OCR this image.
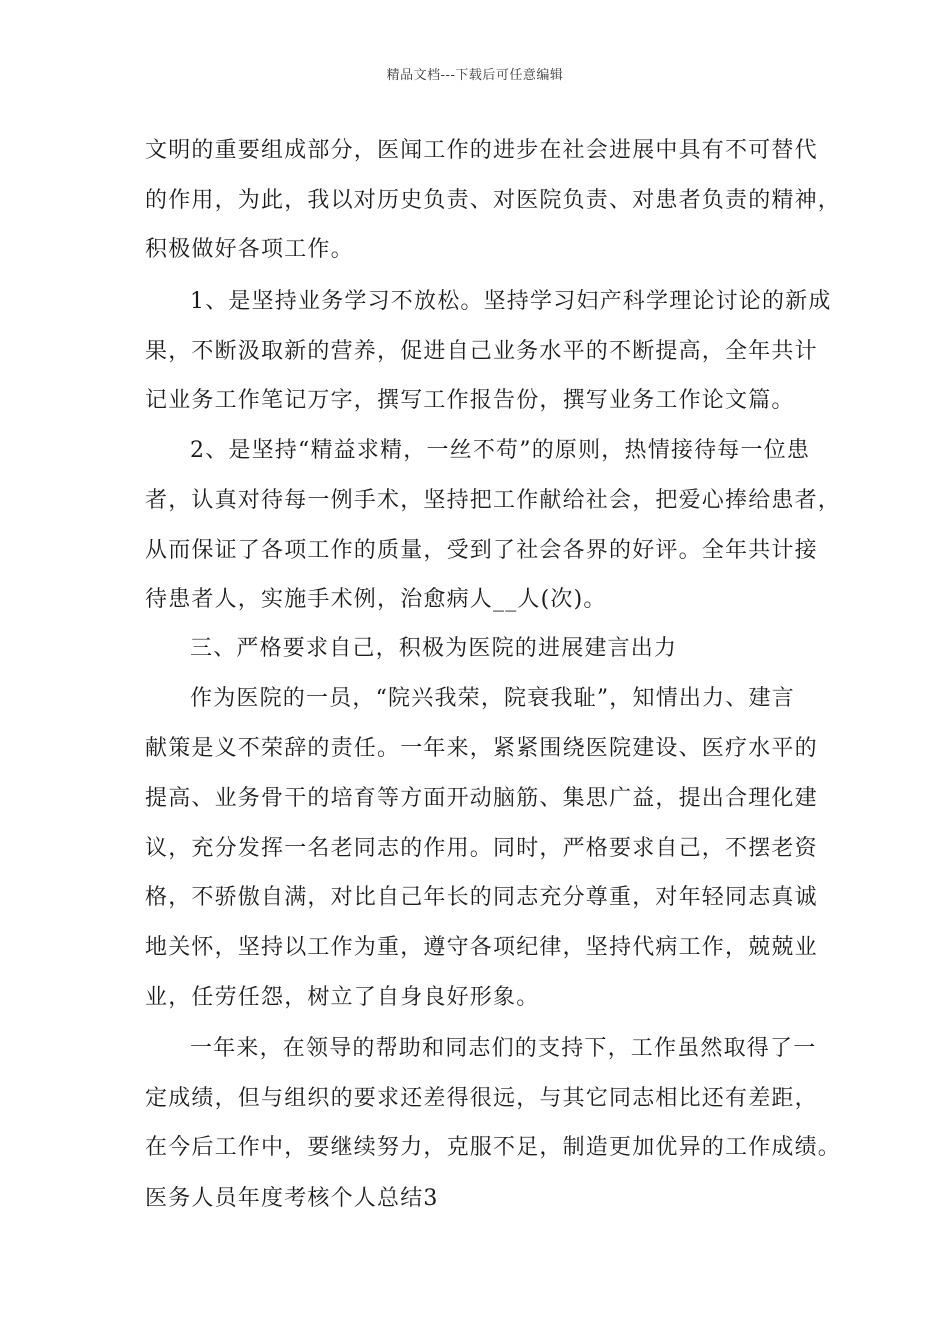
精品文档---下载后可任意编辑
文明的重要组成部分，医闻工作的进步在社会进展中具有不可替代
的作用，为此，我以对历史负责、对医院负责、对患者负责的精神，
积极做好各项工作。
1、是坚持业务学习不放松。坚持学习妇产科学理论讨论的新成
果，不断汲取新的营养，促进自己业务水平的不断提高，全年共计
记业务工作笔记万字，撰写工作报告份，撰写业务工作论文篇。
2、是坚持“精益求精，一丝不苟”的原则，热情接待每一位患
者，认真对待每一例手术，坚持把工作献给社会，把爱心捧给患者，
从而保证了各项工作的质量，受到了社会各界的好评。全年共计接
待患者人，实施手术例，治愈病人__人(次)。
三、严格要求自己，积极为医院的进展建言出力
作为医院的一员，“院兴我荣，院衰我耻”，知情出力、建言
献策是义不荣辞的责任。一年来，紧紧围绕医院建设、医疗水平的
提高、业务骨干的培育等方面开动脑筋、集思广益，提出合理化建
议，充分发挥一名老同志的作用。同时，严格要求自己，不摆老资
格，不骄傲自满，对比自己年长的同志充分尊重，对年轻同志真诚
地关怀，坚持以工作为重，遵守各项纪律，坚持代病工作，兢兢业
业，任劳任怨，树立了自身良好形象。
一年来，在领导的帮助和同志们的支持下，工作虽然取得了一
定成绩，但与组织的要求还差得很远，与其它同志相比还有差距，
在今后工作中，要继续努力，克服不足，制造更加优异的工作成绩。
医务人员年度考核个人总结3
